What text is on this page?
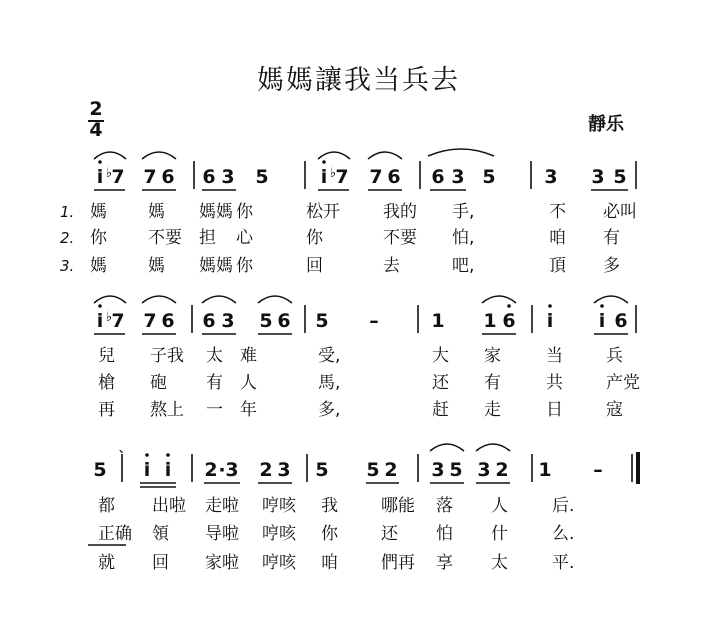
媽媽讓我当兵去
2
4	靜乐
i ♭ 7 7 6 6 3 5	i ♭ 7 7 6 6 3 5	3 3 5
i ♭ 7 7 6 6 3 5 6 5 –	1 1 6 i i 6
5 i i 2 · 3 2 3 5 5 2 3 5 3 2 1 –
1. 媽 媽 媽媽 你	松开	我的 手,	不 必叫
2. 你 不要 担 心	你	不要 怕,	咱 有
3. 媽 媽 媽媽 你	回	去	吧,	頂 多
兒 子我 太 难	受,	大 家	当	兵
槍 砲 有 人	馬,	还 有	共	产党
再 熬上 一 年	多,	赶 走	日	寇
都 出啦 走啦 哼咳 我	哪能 落 人	后.
正确 領 导啦 哼咳 你	还 怕 什	么.
就 回 家啦 哼咳 咱	們再 享 太	平.
`
